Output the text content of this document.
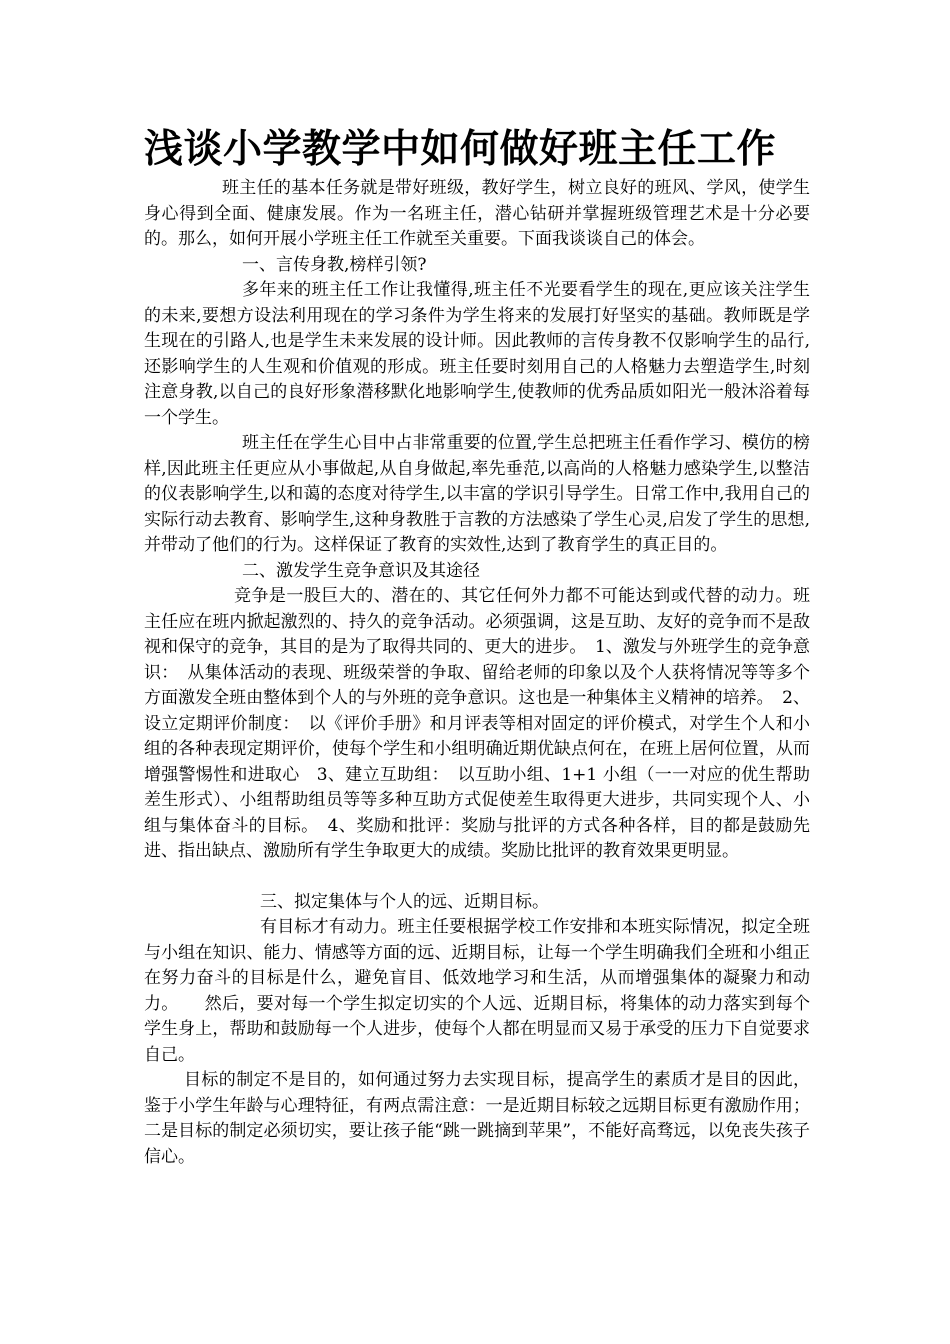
浅谈小学教学中如何做好班主任工作

班主任的基本任务就是带好班级，教好学生，树立良好的班风、学风，使学生身心得到全面、健康发展。作为一名班主任，潜心钻研并掌握班级管理艺术是十分必要的。那么，如何开展小学班主任工作就至关重要。下面我谈谈自己的体会。

一、言传身教,榜样引领?

多年来的班主任工作让我懂得,班主任不光要看学生的现在,更应该关注学生的未来,要想方设法利用现在的学习条件为学生将来的发展打好坚实的基础。教师既是学生现在的引路人,也是学生未来发展的设计师。因此教师的言传身教不仅影响学生的品行,还影响学生的人生观和价值观的形成。班主任要时刻用自己的人格魅力去塑造学生,时刻注意身教,以自己的良好形象潜移默化地影响学生,使教师的优秀品质如阳光一般沐浴着每一个学生。

班主任在学生心目中占非常重要的位置,学生总把班主任看作学习、模仿的榜样,因此班主任更应从小事做起,从自身做起,率先垂范,以高尚的人格魅力感染学生,以整洁的仪表影响学生,以和蔼的态度对待学生,以丰富的学识引导学生。日常工作中,我用自己的实际行动去教育、影响学生,这种身教胜于言教的方法感染了学生心灵,启发了学生的思想,并带动了他们的行为。这样保证了教育的实效性,达到了教育学生的真正目的。

二、激发学生竞争意识及其途径

竞争是一股巨大的、潜在的、其它任何外力都不可能达到或代替的动力。班主任应在班内掀起激烈的、持久的竞争活动。必须强调，这是互助、友好的竞争而不是敌视和保守的竞争，其目的是为了取得共同的、更大的进步。　1、激发与外班学生的竞争意识：　从集体活动的表现、班级荣誉的争取、留给老师的印象以及个人获将情况等等多个方面激发全班由整体到个人的与外班的竞争意识。这也是一种集体主义精神的培养。　2、设立定期评价制度：　以《评价手册》和月评表等相对固定的评价模式，对学生个人和小组的各种表现定期评价，使每个学生和小组明确近期优缺点何在，在班上居何位置，从而增强警惕性和进取心　3、建立互助组：　以互助小组、1+1 小组（一一对应的优生帮助差生形式）、小组帮助组员等等多种互助方式促使差生取得更大进步，共同实现个人、小组与集体奋斗的目标。　4、奖励和批评：奖励与批评的方式各种各样，目的都是鼓励先进、指出缺点、激励所有学生争取更大的成绩。奖励比批评的教育效果更明显。

三、拟定集体与个人的远、近期目标。

有目标才有动力。班主任要根据学校工作安排和本班实际情况，拟定全班与小组在知识、能力、情感等方面的远、近期目标，让每一个学生明确我们全班和小组正在努力奋斗的目标是什么，避免盲目、低效地学习和生活，从而增强集体的凝聚力和动力。　　然后，要对每一个学生拟定切实的个人远、近期目标，将集体的动力落实到每个学生身上，帮助和鼓励每一个人进步，使每个人都在明显而又易于承受的压力下自觉要求自己。

目标的制定不是目的，如何通过努力去实现目标，提高学生的素质才是目的因此，鉴于小学生年龄与心理特征，有两点需注意：一是近期目标较之远期目标更有激励作用；二是目标的制定必须切实，要让孩子能“跳一跳摘到苹果”，不能好高骛远，以免丧失孩子信心。
